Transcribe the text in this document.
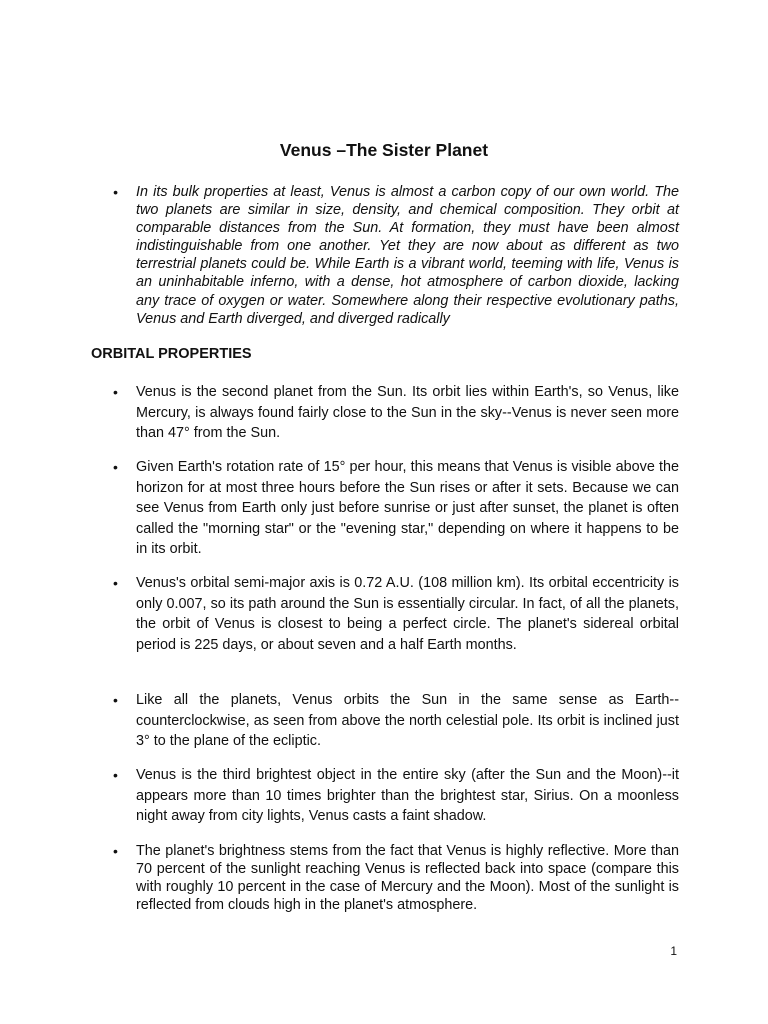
Venus –The Sister Planet
• In its bulk properties at least, Venus is almost a carbon copy of our own world. The two planets are similar in size, density, and chemical composition. They orbit at comparable distances from the Sun. At formation, they must have been almost indistinguishable from one another. Yet they are now about as different as two terrestrial planets could be. While Earth is a vibrant world, teeming with life, Venus is an uninhabitable inferno, with a dense, hot atmosphere of carbon dioxide, lacking any trace of oxygen or water. Somewhere along their respective evolutionary paths, Venus and Earth diverged, and diverged radically
ORBITAL PROPERTIES
• Venus is the second planet from the Sun. Its orbit lies within Earth's, so Venus, like Mercury, is always found fairly close to the Sun in the sky--Venus is never seen more than 47° from the Sun.
• Given Earth's rotation rate of 15° per hour, this means that Venus is visible above the horizon for at most three hours before the Sun rises or after it sets. Because we can see Venus from Earth only just before sunrise or just after sunset, the planet is often called the "morning star" or the "evening star," depending on where it happens to be in its orbit.
• Venus's orbital semi-major axis is 0.72 A.U. (108 million km). Its orbital eccentricity is only 0.007, so its path around the Sun is essentially circular. In fact, of all the planets, the orbit of Venus is closest to being a perfect circle. The planet's sidereal orbital period is 225 days, or about seven and a half Earth months.
• Like all the planets, Venus orbits the Sun in the same sense as Earth--counterclockwise, as seen from above the north celestial pole. Its orbit is inclined just 3° to the plane of the ecliptic.
• Venus is the third brightest object in the entire sky (after the Sun and the Moon)--it appears more than 10 times brighter than the brightest star, Sirius. On a moonless night away from city lights, Venus casts a faint shadow.
• The planet's brightness stems from the fact that Venus is highly reflective. More than 70 percent of the sunlight reaching Venus is reflected back into space (compare this with roughly 10 percent in the case of Mercury and the Moon). Most of the sunlight is reflected from clouds high in the planet's atmosphere.
1
